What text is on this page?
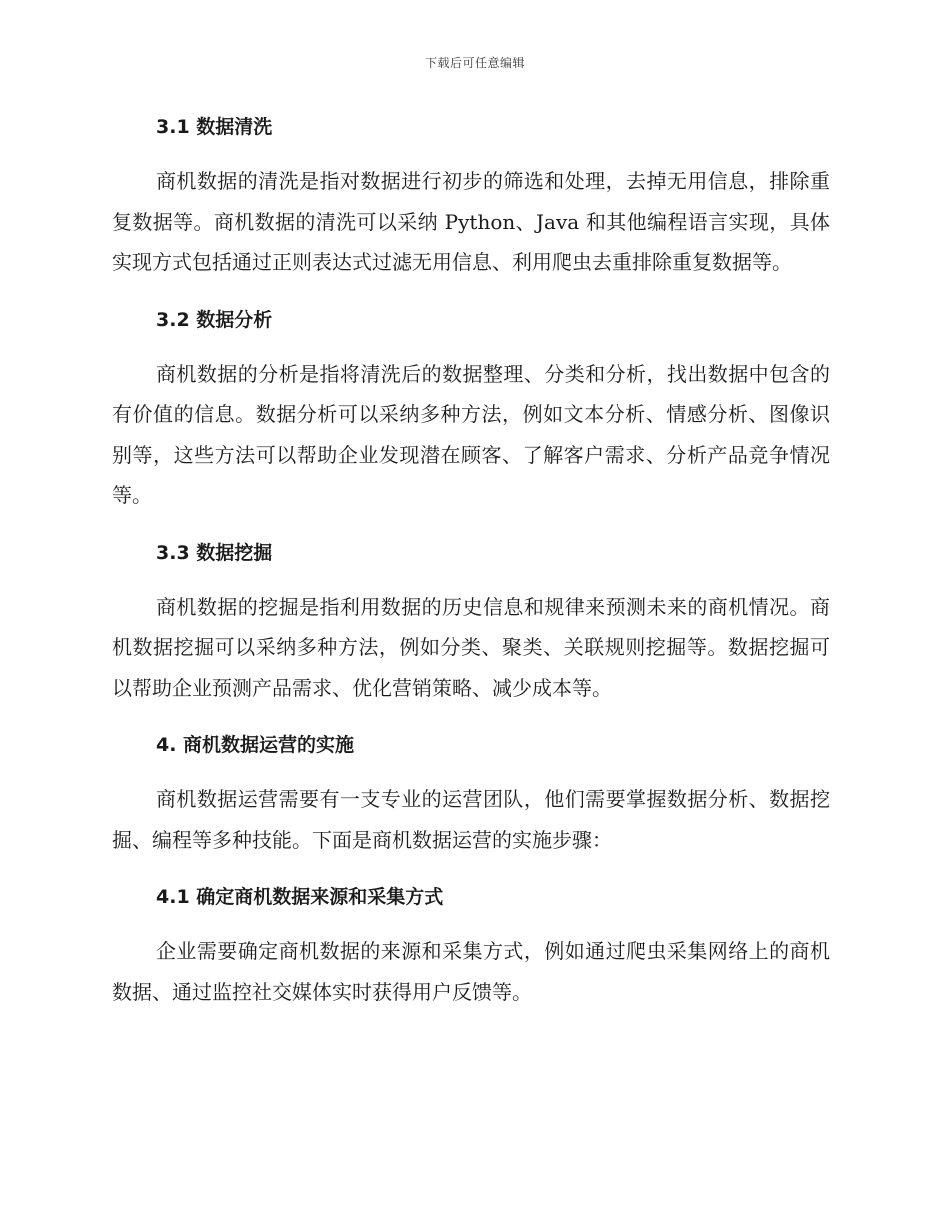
下载后可任意编辑
3.1 数据清洗

商机数据的清洗是指对数据进行初步的筛选和处理，去掉无用信息，排除重复数据等。商机数据的清洗可以采纳 Python、Java 和其他编程语言实现，具体实现方式包括通过正则表达式过滤无用信息、利用爬虫去重排除重复数据等。

3.2 数据分析

商机数据的分析是指将清洗后的数据整理、分类和分析，找出数据中包含的有价值的信息。数据分析可以采纳多种方法，例如文本分析、情感分析、图像识别等，这些方法可以帮助企业发现潜在顾客、了解客户需求、分析产品竞争情况等。

3.3 数据挖掘

商机数据的挖掘是指利用数据的历史信息和规律来预测未来的商机情况。商机数据挖掘可以采纳多种方法，例如分类、聚类、关联规则挖掘等。数据挖掘可以帮助企业预测产品需求、优化营销策略、减少成本等。

4. 商机数据运营的实施

商机数据运营需要有一支专业的运营团队，他们需要掌握数据分析、数据挖掘、编程等多种技能。下面是商机数据运营的实施步骤：

4.1 确定商机数据来源和采集方式

企业需要确定商机数据的来源和采集方式，例如通过爬虫采集网络上的商机数据、通过监控社交媒体实时获得用户反馈等。
